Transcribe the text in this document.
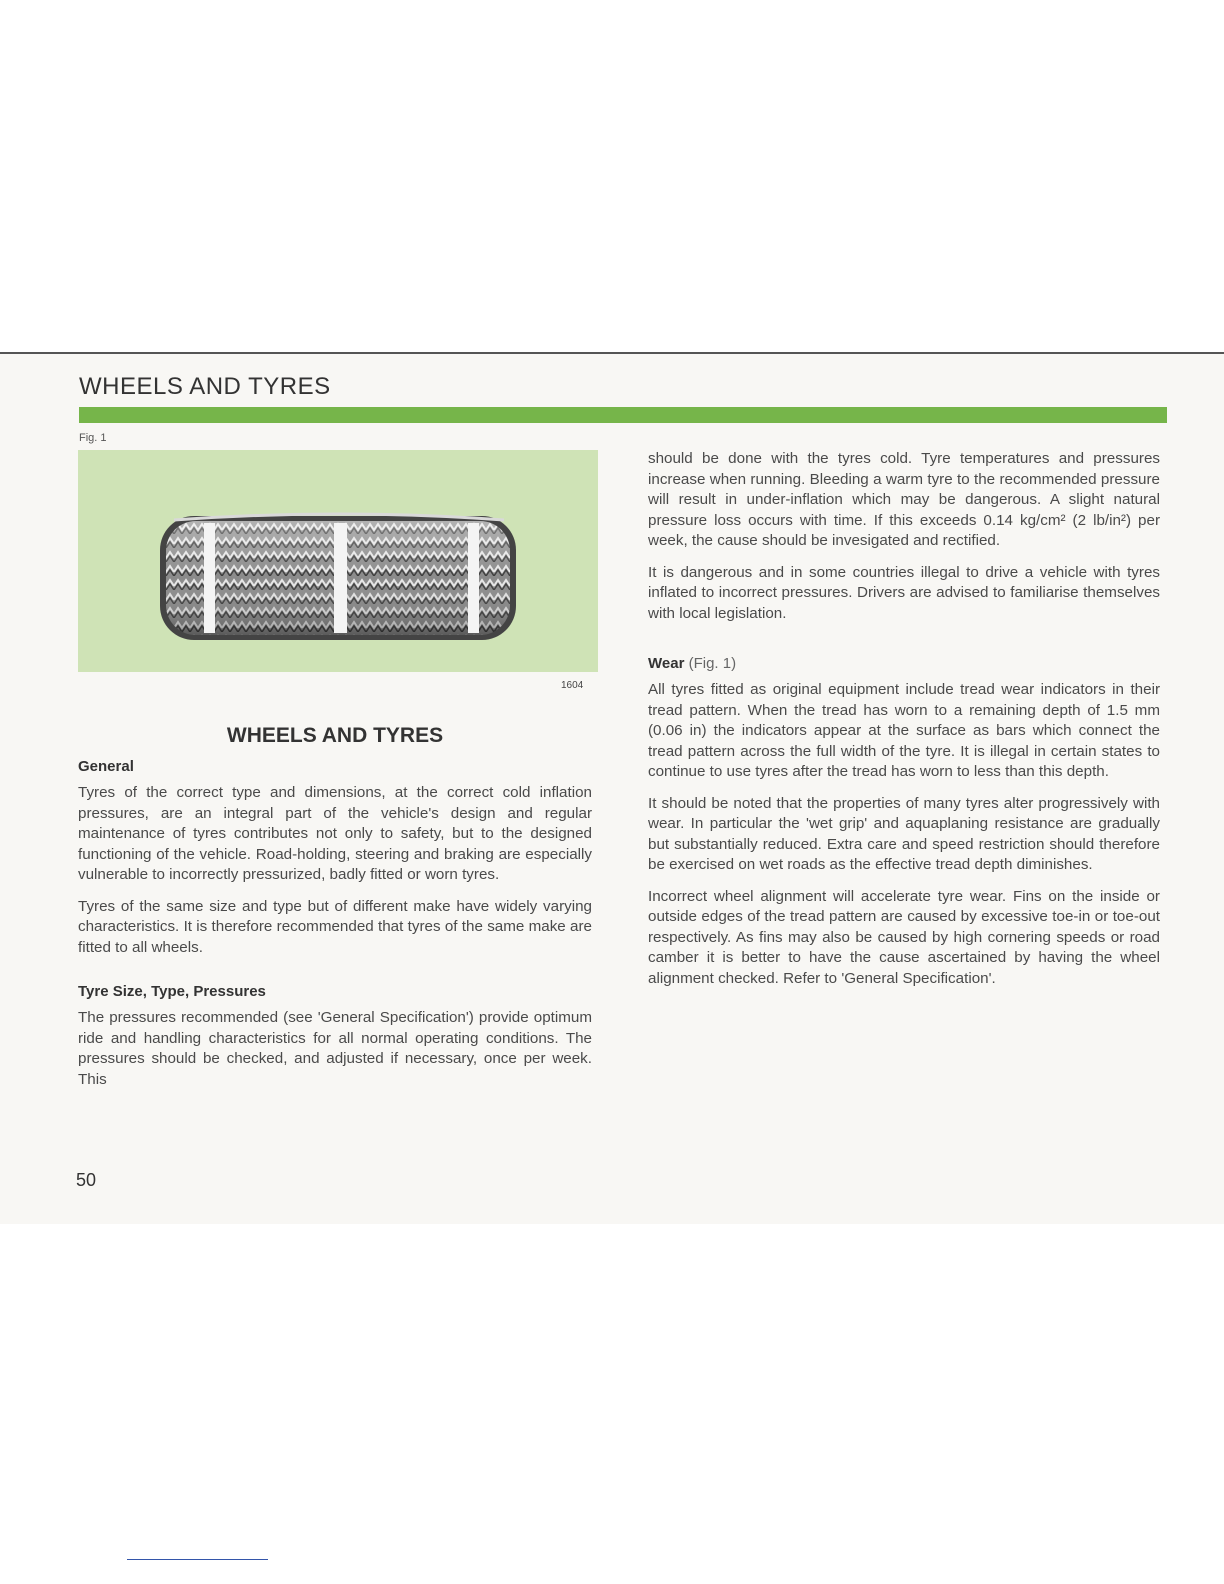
WHEELS AND TYRES
Fig. 1
1604
WHEELS AND TYRES
General

Tyres of the correct type and dimensions, at the correct cold inflation pressures, are an integral part of the vehicle's design and regular maintenance of tyres contributes not only to safety, but to the designed functioning of the vehicle. Road-holding, steering and braking are especially vulnerable to incorrectly pressurized, badly fitted or worn tyres.

Tyres of the same size and type but of different make have widely varying characteristics. It is therefore recommended that tyres of the same make are fitted to all wheels.

Tyre Size, Type, Pressures

The pressures recommended (see 'General Specification') provide optimum ride and handling characteristics for all normal operating conditions. The pressures should be checked, and adjusted if necessary, once per week. This

should be done with the tyres cold. Tyre temperatures and pressures increase when running. Bleeding a warm tyre to the recommended pressure will result in under-inflation which may be dangerous. A slight natural pressure loss occurs with time. If this exceeds 0.14 kg/cm² (2 lb/in²) per week, the cause should be invesigated and rectified.

It is dangerous and in some countries illegal to drive a vehicle with tyres inflated to incorrect pressures. Drivers are advised to familiarise themselves with local legislation.

Wear (Fig. 1)

All tyres fitted as original equipment include tread wear indicators in their tread pattern. When the tread has worn to a remaining depth of 1.5 mm (0.06 in) the indicators appear at the surface as bars which connect the tread pattern across the full width of the tyre. It is illegal in certain states to continue to use tyres after the tread has worn to less than this depth.

It should be noted that the properties of many tyres alter progressively with wear. In particular the 'wet grip' and aquaplaning resistance are gradually but substantially reduced. Extra care and speed restriction should therefore be exercised on wet roads as the effective tread depth diminishes.

Incorrect wheel alignment will accelerate tyre wear. Fins on the inside or outside edges of the tread pattern are caused by excessive toe-in or toe-out respectively. As fins may also be caused by high cornering speeds or road camber it is better to have the cause ascertained by having the wheel alignment checked. Refer to 'General Specification'.

50
